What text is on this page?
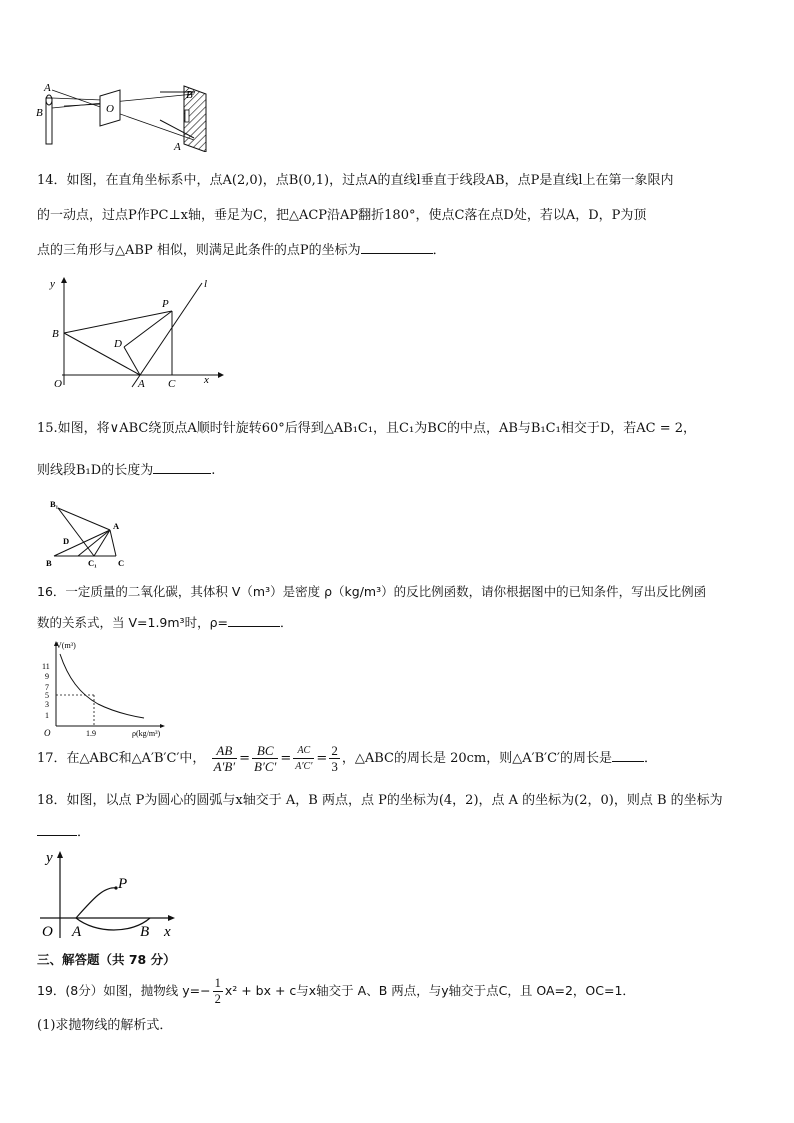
A
B	O
B′
A
14．如图，在直角坐标系中，点A(2,0)，点B(0,1)，过点A的直线l垂直于线段AB，点P是直线l上在第一象限内
的一动点，过点P作PC⊥x轴，垂足为C，把△ACP沿AP翻折180°，使点C落在点D处，若以A，D，P为顶
点的三角形与△ABP 相似，则满足此条件的点P的坐标为	．
y	l
P
B
D
O	A C	x
15.如图，将∨ABC绕顶点A顺时针旋转60°后得到△AB₁C₁，且C₁为BC的中点，AB与B₁C₁相交于D，若AC = 2，
则线段B₁D的长度为	.
B₁
A
D
B	C₁	C
16．一定质量的二氧化碳，其体积 V（m³）是密度 ρ（kg/m³）的反比例函数，请你根据图中的已知条件，写出反比例函
数的关系式，当 V=1.9m³时，ρ=	．
11
9
7
5
3
1
V(m³)
O	1.9	ρ(kg/m³)
17．在△ABC和△A′B′C′中， $\frac{AB}{A'B'} = \frac{BC}{B'C'} = \frac{AC}{A'C'} = \frac{2}{3}$ ，△ABC的周长是 20cm，则△A′B′C′的周长是 ．
18．如图，以点 P为圆心的圆弧与x轴交于 A，B 两点，点 P的坐标为(4，2)，点 A 的坐标为(2，0)，则点 B 的坐标为
．
y
P
O A	B x
三、解答题（共 78 分）
19．(8分）如图，抛物线 $y=- \frac{1}{2} x^2$ + bx + c与x轴交于 A、B 两点，与y轴交于点C，且 OA=2，OC=1．
(1)求抛物线的解析式．
